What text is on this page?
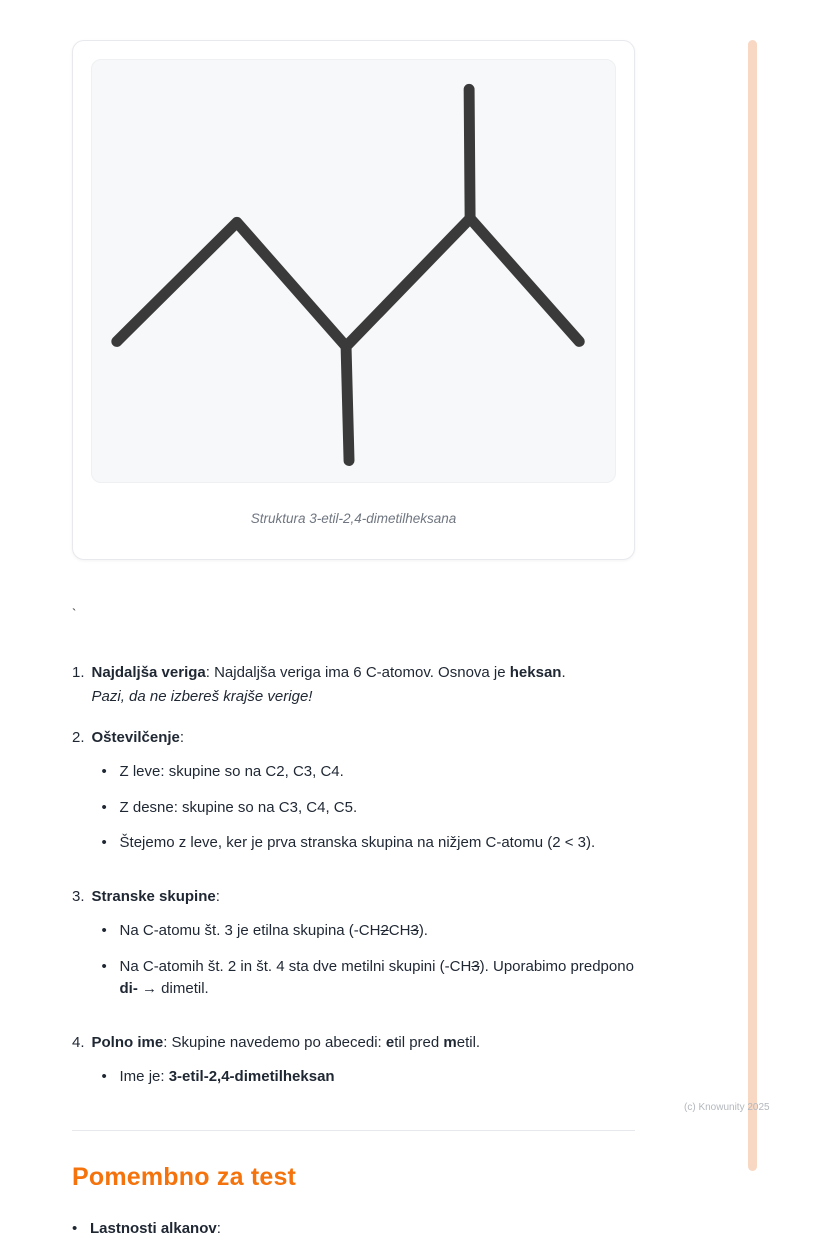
Struktura 3-etil-2,4-dimetilheksana
`
1. Najdaljša veriga: Najdaljša veriga ima 6 C-atomov. Osnova je heksan.
Pazi, da ne izbereš krajše verige!
2. Oštevilčenje:
• Z leve: skupine so na C2, C3, C4.
• Z desne: skupine so na C3, C4, C5.
• Štejemo z leve, ker je prva stranska skupina na nižjem C-atomu (2 < 3).
3. Stranske skupine:
• Na C-atomu št. 3 je etilna skupina (-CH2CH3).
• Na C-atomih št. 2 in št. 4 sta dve metilni skupini (-CH3). Uporabimo predpono di- → dimetil.
4. Polno ime: Skupine navedemo po abecedi: etil pred metil.
• Ime je: 3-etil-2,4-dimetilheksan
Pomembno za test
• Lastnosti alkanov:
(c) Knowunity 2025
